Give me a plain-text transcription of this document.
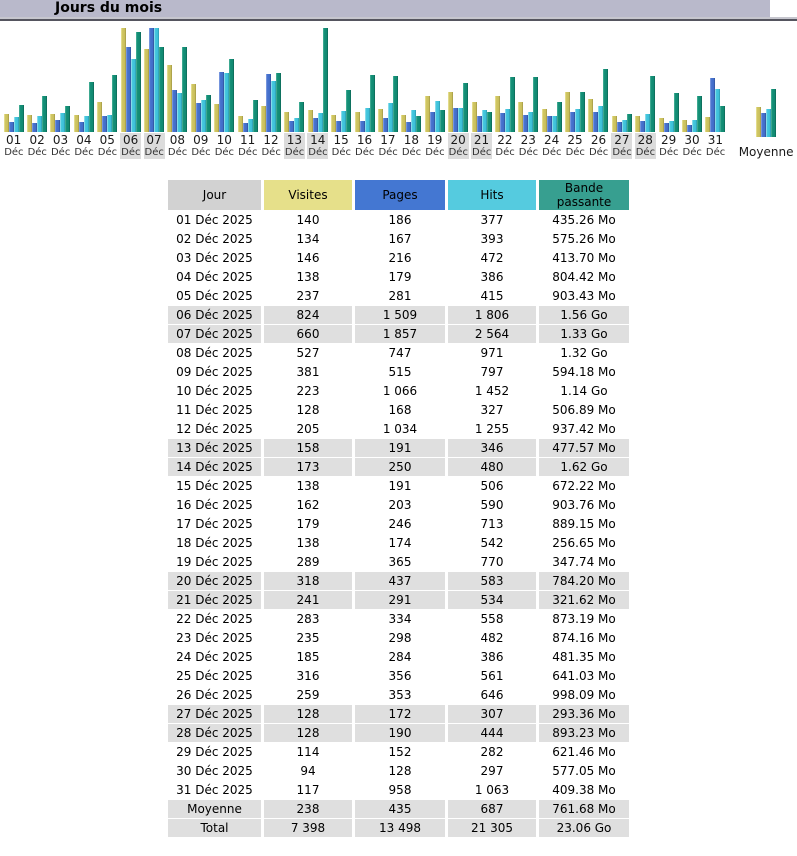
Jours du mois
01
Déc
02
Déc
03
Déc
04
Déc
05
Déc
06
Déc
07
Déc
08
Déc
09
Déc
10
Déc
11
Déc
12
Déc
13
Déc
14
Déc
15
Déc
16
Déc
17
Déc
18
Déc
19
Déc
20
Déc
21
Déc
22
Déc
23
Déc
24
Déc
25
Déc
26
Déc
27
Déc
28
Déc
29
Déc
30
Déc
31
Déc Moyenne
Jour	Visites	Pages	Hits	Bande passante
01 Déc 2025	140	186	377	435.26 Mo
02 Déc 2025	134	167	393	575.26 Mo
03 Déc 2025	146	216	472	413.70 Mo
04 Déc 2025	138	179	386	804.42 Mo
05 Déc 2025	237	281	415	903.43 Mo
06 Déc 2025	824	1 509	1 806	1.56 Go
07 Déc 2025	660	1 857	2 564	1.33 Go
08 Déc 2025	527	747	971	1.32 Go
09 Déc 2025	381	515	797	594.18 Mo
10 Déc 2025	223	1 066	1 452	1.14 Go
11 Déc 2025	128	168	327	506.89 Mo
12 Déc 2025	205	1 034	1 255	937.42 Mo
13 Déc 2025	158	191	346	477.57 Mo
14 Déc 2025	173	250	480	1.62 Go
15 Déc 2025	138	191	506	672.22 Mo
16 Déc 2025	162	203	590	903.76 Mo
17 Déc 2025	179	246	713	889.15 Mo
18 Déc 2025	138	174	542	256.65 Mo
19 Déc 2025	289	365	770	347.74 Mo
20 Déc 2025	318	437	583	784.20 Mo
21 Déc 2025	241	291	534	321.62 Mo
22 Déc 2025	283	334	558	873.19 Mo
23 Déc 2025	235	298	482	874.16 Mo
24 Déc 2025	185	284	386	481.35 Mo
25 Déc 2025	316	356	561	641.03 Mo
26 Déc 2025	259	353	646	998.09 Mo
27 Déc 2025	128	172	307	293.36 Mo
28 Déc 2025	128	190	444	893.23 Mo
29 Déc 2025	114	152	282	621.46 Mo
30 Déc 2025	94	128	297	577.05 Mo
31 Déc 2025	117	958	1 063	409.38 Mo
Moyenne	238	435	687	761.68 Mo
Total	7 398	13 498	21 305	23.06 Go
